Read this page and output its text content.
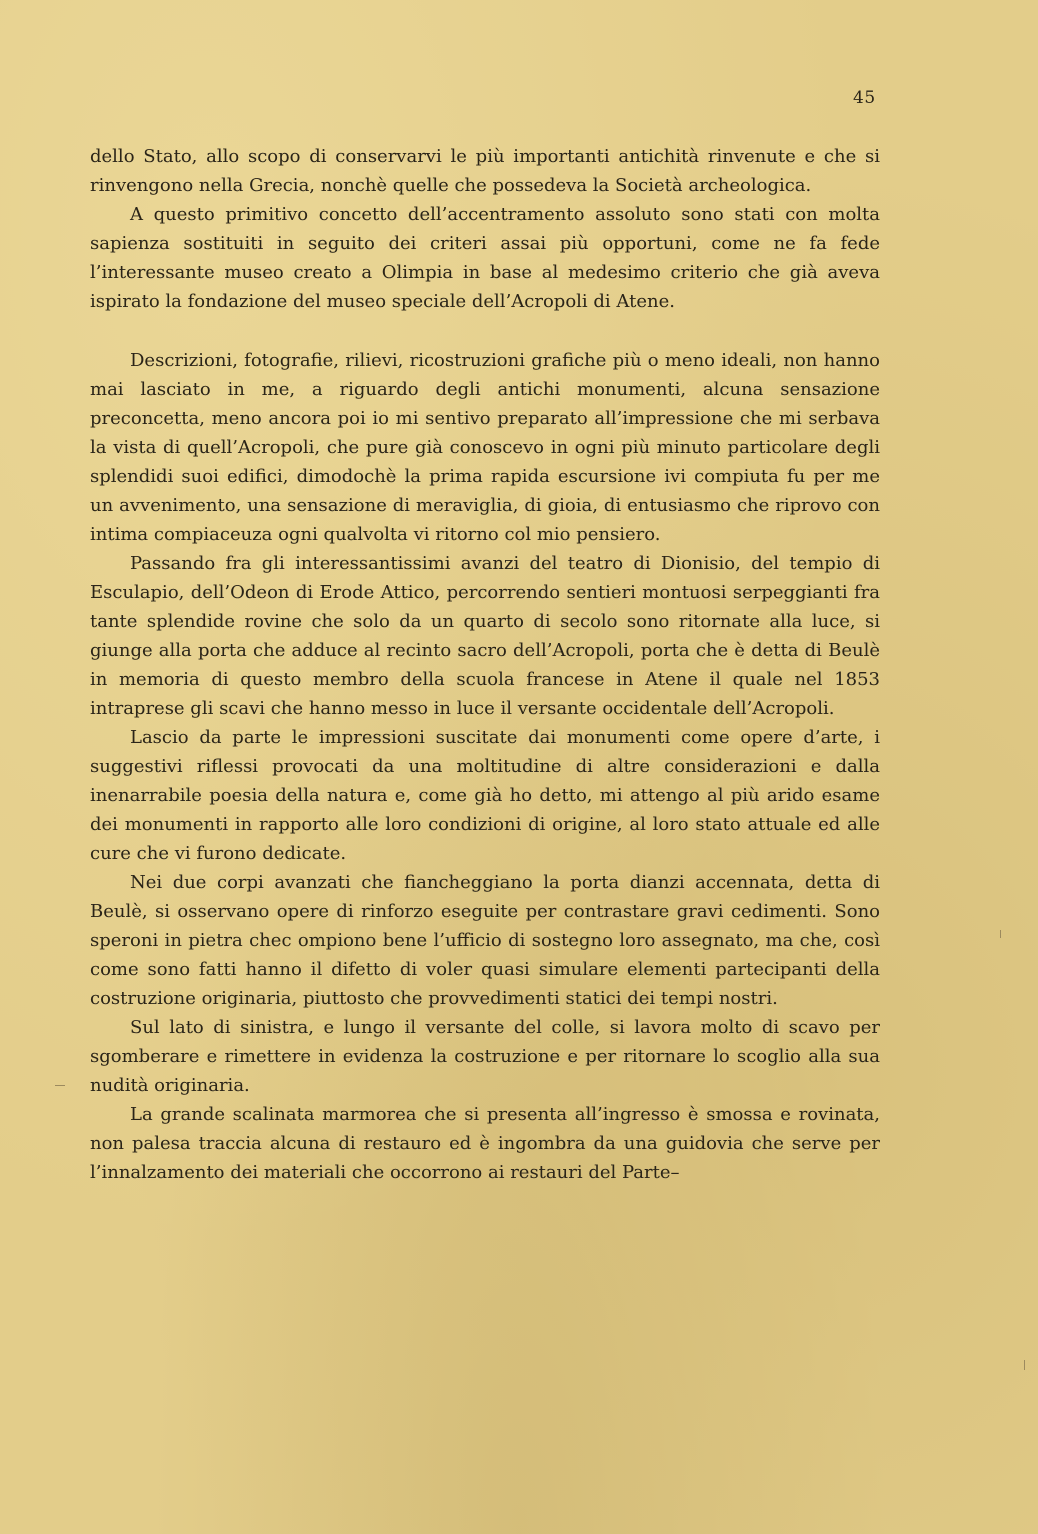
45

dello Stato, allo scopo di conservarvi le più importanti antichità rinvenute e che si rinvengono nella Grecia, nonchè quelle che possedeva la Società archeologica.

A questo primitivo concetto dell’accentramento assoluto sono stati con molta sapienza sostituiti in seguito dei criteri assai più opportuni, come ne fa fede l’interessante museo creato a Olimpia in base al medesimo criterio che già aveva ispirato la fondazione del museo speciale dell’Acropoli di Atene.

Descrizioni, fotografie, rilievi, ricostruzioni grafiche più o meno ideali, non hanno mai lasciato in me, a riguardo degli antichi monumenti, alcuna sensazione preconcetta, meno ancora poi io mi sentivo preparato all’impressione che mi serbava la vista di quell’Acropoli, che pure già conoscevo in ogni più minuto particolare degli splendidi suoi edifici, dimodochè la prima rapida escursione ivi compiuta fu per me un avvenimento, una sensazione di meraviglia, di gioia, di entusiasmo che riprovo con intima compiaceuza ogni qualvolta vi ritorno col mio pensiero.

Passando fra gli interessantissimi avanzi del teatro di Dionisio, del tempio di Esculapio, dell’Odeon di Erode Attico, percorrendo sentieri montuosi serpeggianti fra tante splendide rovine che solo da un quarto di secolo sono ritornate alla luce, si giunge alla porta che adduce al recinto sacro dell’Acropoli, porta che è detta di Beulè in memoria di questo membro della scuola francese in Atene il quale nel 1853 intraprese gli scavi che hanno messo in luce il versante occidentale dell’Acropoli.

Lascio da parte le impressioni suscitate dai monumenti come opere d’arte, i suggestivi riflessi provocati da una moltitudine di altre considerazioni e dalla inenarrabile poesia della natura e, come già ho detto, mi attengo al più arido esame dei monumenti in rapporto alle loro condizioni di origine, al loro stato attuale ed alle cure che vi furono dedicate.

Nei due corpi avanzati che fiancheggiano la porta dianzi accennata, detta di Beulè, si osservano opere di rinforzo eseguite per contrastare gravi cedimenti. Sono speroni in pietra chec ompiono bene l’ufficio di sostegno loro assegnato, ma che, così come sono fatti hanno il difetto di voler quasi simulare elementi partecipanti della costruzione originaria, piuttosto che provvedimenti statici dei tempi nostri.

Sul lato di sinistra, e lungo il versante del colle, si lavora molto di scavo per sgomberare e rimettere in evidenza la costruzione e per ritornare lo scoglio alla sua nudità originaria.

La grande scalinata marmorea che si presenta all’ingresso è smossa e rovinata, non palesa traccia alcuna di restauro ed è ingombra da una guidovia che serve per l’innalzamento dei materiali che occorrono ai restauri del Parte–
